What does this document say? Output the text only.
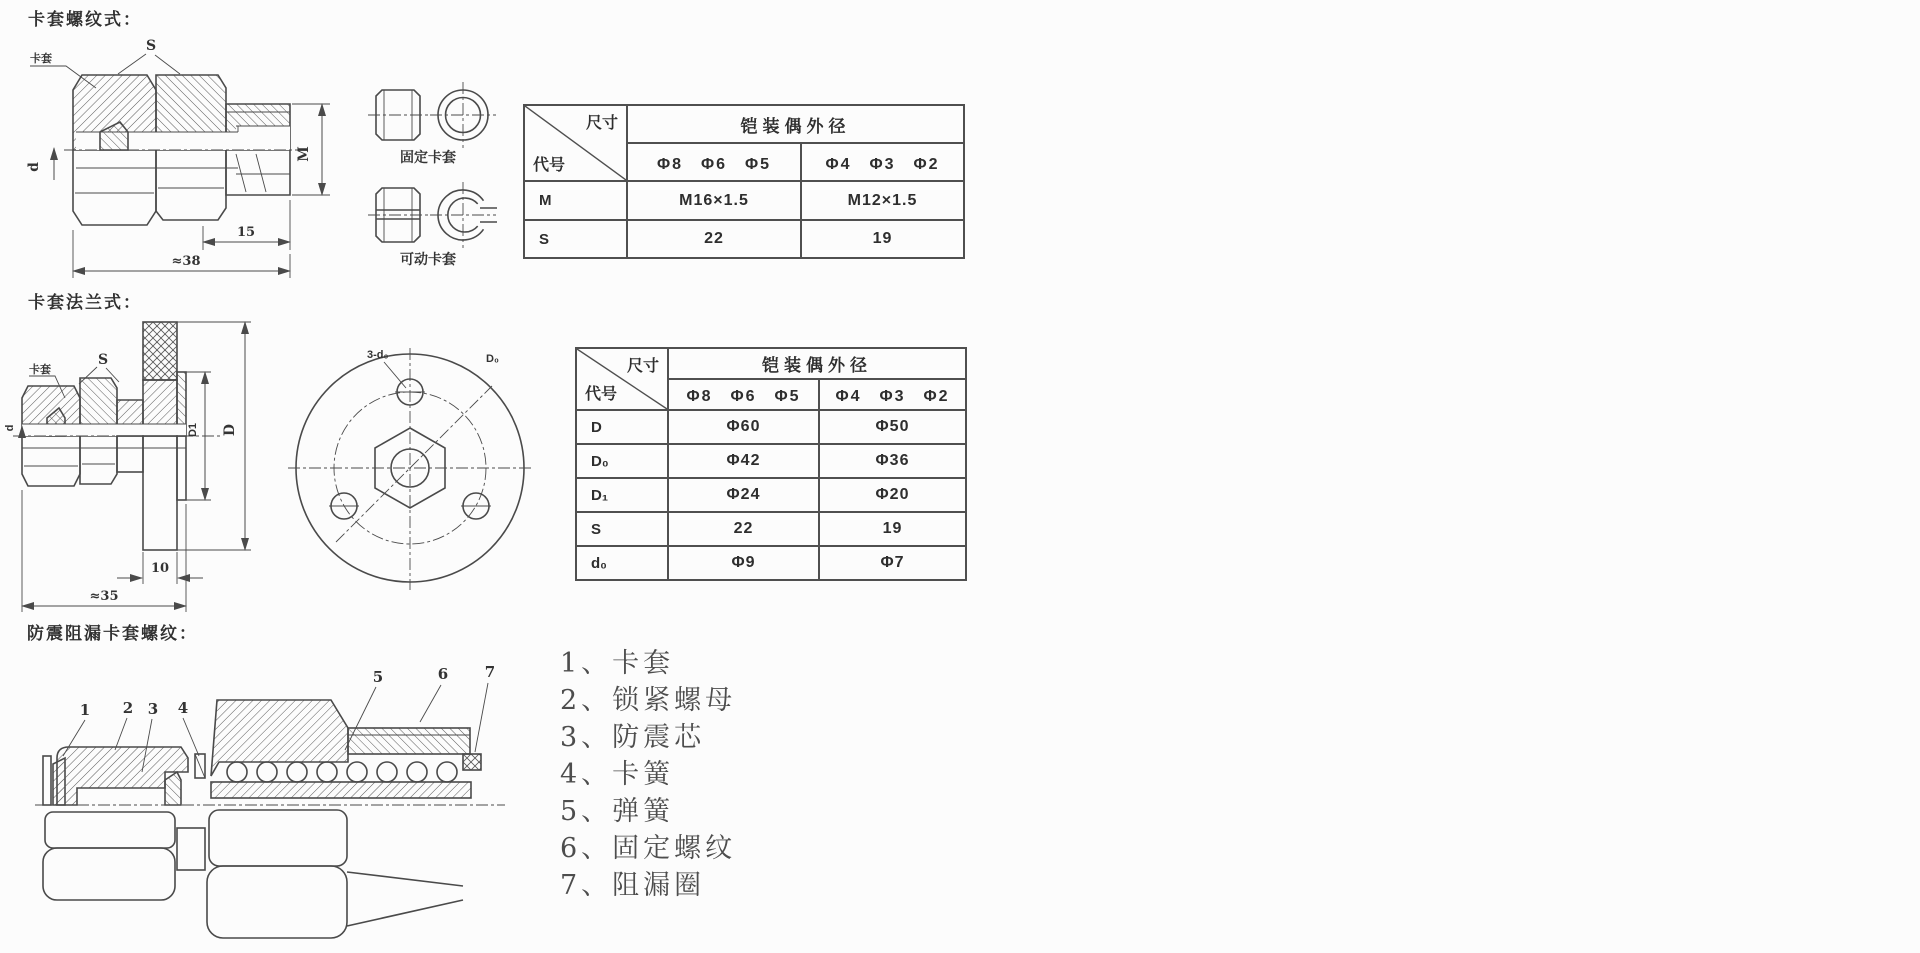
卡套螺纹式：
卡套
S
M
d
15
≈38
固定卡套
可动卡套
尺寸
代号	铠装偶外径	
	Φ8　Φ6　Φ5	Φ4　Φ3　Φ2
M	M16×1.5	M12×1.5
S	22	19
卡套法兰式：
卡套
S
d	D1 D
10
≈35
3-d₀	D₀	尺寸
代号	铠装偶外径	
	Φ8　Φ6　Φ5	Φ4　Φ3　Φ2
D	Φ60	Φ50
D₀	Φ42	Φ36
D₁	Φ24	Φ20
S	22	19
d₀	Φ9	Φ7
防震阻漏卡套螺纹：
1 2 3 4
5	6 7 1、卡套
2、锁紧螺母
3、防震芯
4、卡簧
5、弹簧
6、固定螺纹
7、阻漏圈
